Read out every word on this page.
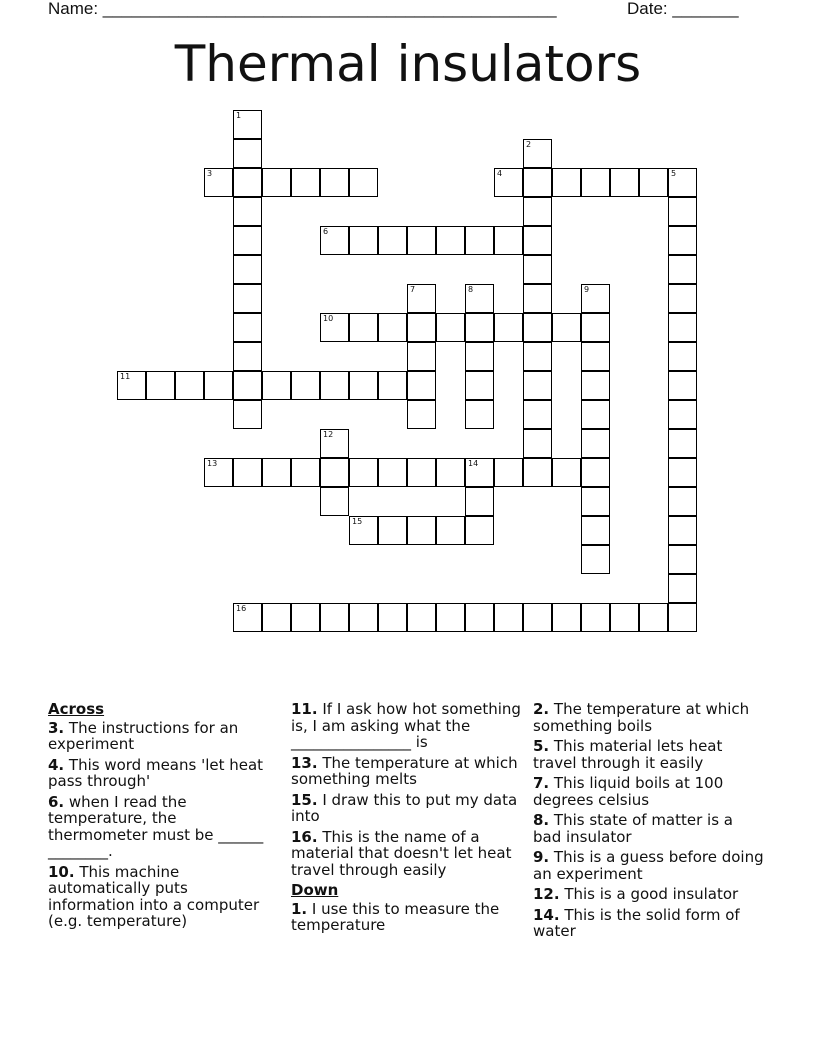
Name: ________________________________________________	Date: _______
Thermal insulators
3	4	5
6
10
11
13	14
15
16
1
2
7	8	9
12
Across
3. The instructions for an experiment
4. This word means 'let heat pass through'
6. when I read the temperature, the thermometer must be ______ ________.
10. This machine automatically puts information into a computer (e.g. temperature)
11. If I ask how hot something is, I am asking what the ________________ is
13. The temperature at which something melts
15. I draw this to put my data into
16. This is the name of a material that doesn't let heat travel through easily
Down
1. I use this to measure the temperature
2. The temperature at which something boils
5. This material lets heat travel through it easily
7. This liquid boils at 100 degrees celsius
8. This state of matter is a bad insulator
9. This is a guess before doing an experiment
12. This is a good insulator
14. This is the solid form of water
